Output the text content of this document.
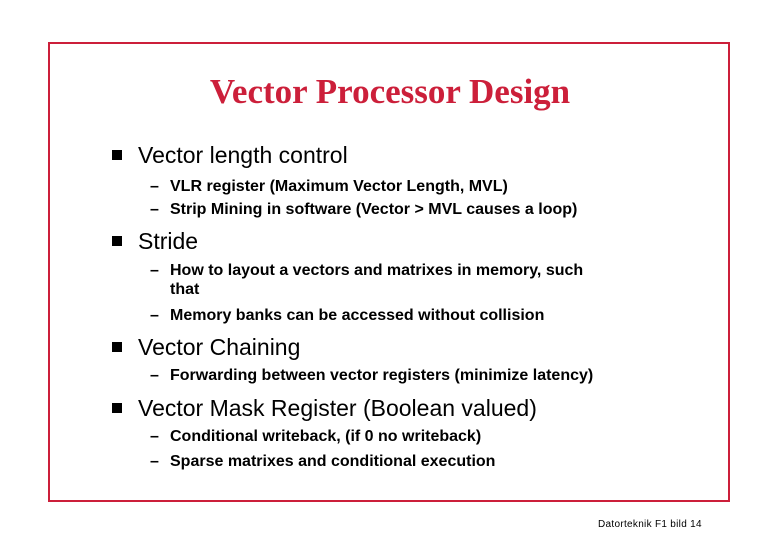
Vector Processor Design
Vector length control
– VLR register (Maximum Vector Length, MVL)
– Strip Mining in software (Vector > MVL causes a loop)
Stride
– How to layout a vectors and matrixes in memory, such
that
– Memory banks can be accessed without collision
Vector Chaining
– Forwarding between vector registers (minimize latency)
Vector Mask Register (Boolean valued)
– Conditional writeback, (if 0 no writeback)
– Sparse matrixes and conditional execution
Datorteknik F1 bild 14
